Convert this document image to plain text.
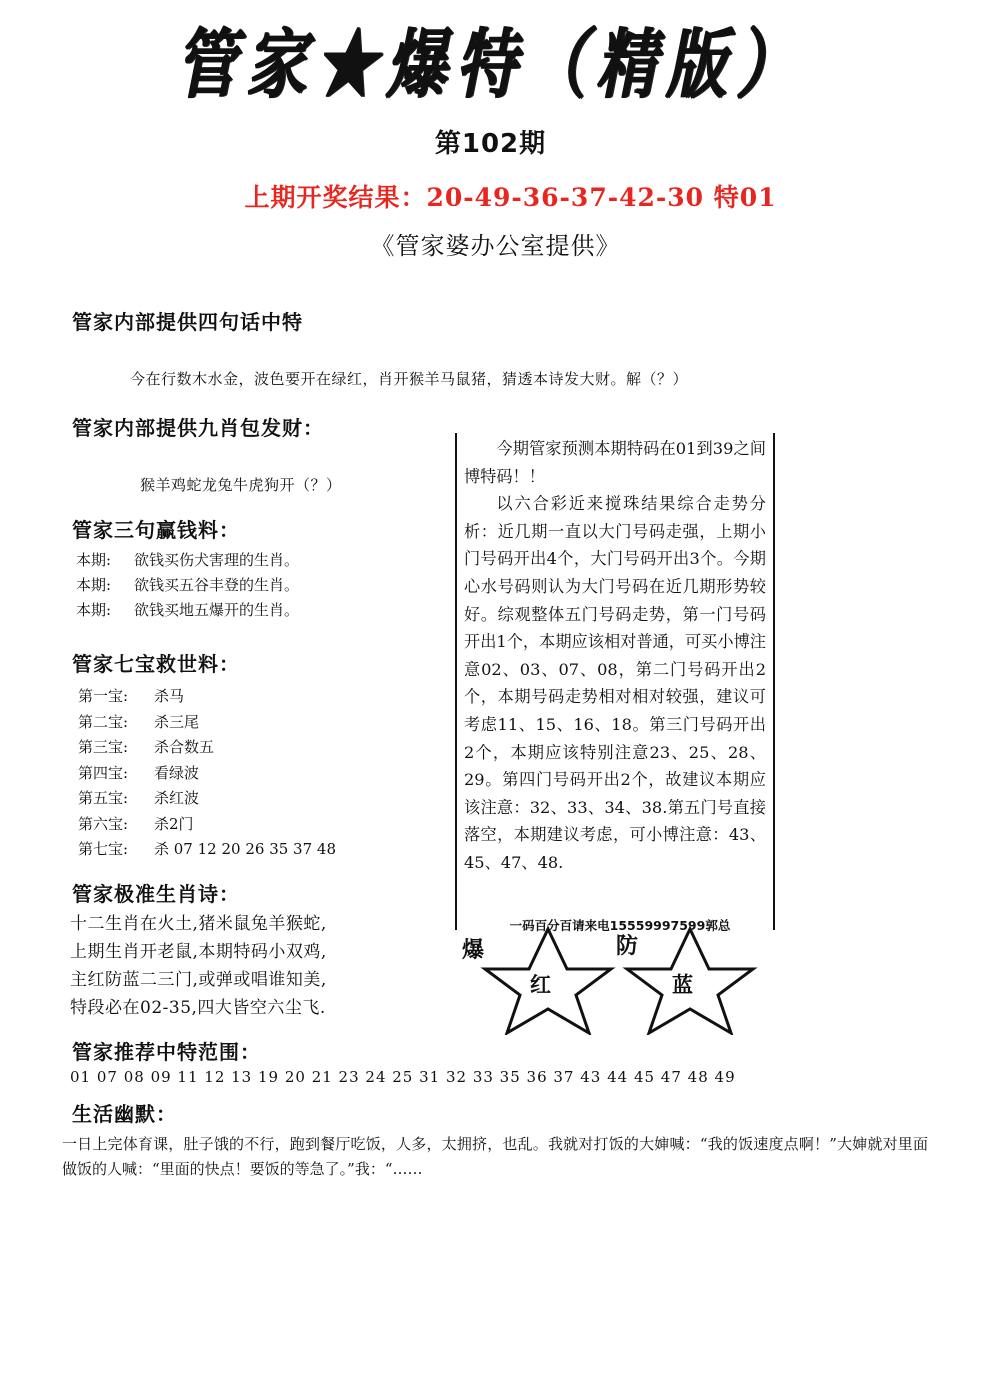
管家★爆特（精版）
第102期
上期开奖结果：20-49-36-37-42-30 特01
《管家婆办公室提供》
管家内部提供四句话中特
今在行数木水金，波色要开在绿红，肖开猴羊马鼠猪，猜透本诗发大财。解（？）
管家内部提供九肖包发财：
猴羊鸡蛇龙兔牛虎狗开（？）
管家三句赢钱料：
本期: 欲钱买伤犬害理的生肖。
本期: 欲钱买五谷丰登的生肖。
本期: 欲钱买地五爆开的生肖。
管家七宝救世料：
第一宝: 杀马
第二宝: 杀三尾
第三宝: 杀合数五
第四宝: 看绿波
第五宝: 杀红波
第六宝: 杀2门
第七宝: 杀 07 12 20 26 35 37 48
管家极准生肖诗：
十二生肖在火土,猪米鼠兔羊猴蛇,
上期生肖开老鼠,本期特码小双鸡,
主红防蓝二三门,或弹或唱谁知美,
特段必在02-35,四大皆空六尘飞.
管家推荐中特范围：
01 07 08 09 11 12 13 19 20 21 23 24 25 31 32 33 35 36 37 43 44 45 47 48 49
生活幽默：
一日上完体育课，肚子饿的不行，跑到餐厅吃饭，人多，太拥挤，也乱。我就对打饭的大婶喊：“我的饭速度点啊！”大婶就对里面做饭的人喊：“里面的快点！要饭的等急了。”我：“……

今期管家预测本期特码在01到39之间博特码！！

以六合彩近来搅珠结果综合走势分析：近几期一直以大门号码走强，上期小门号码开出4个，大门号码开出3个。今期心水号码则认为大门号码在近几期形势较好。综观整体五门号码走势，第一门号码开出1个，本期应该相对普通，可买小博注意02、03、07、08，第二门号码开出2个，本期号码走势相对相对较强，建议可考虑11、15、16、18。第三门号码开出2个，本期应该特别注意23、25、28、29。第四门号码开出2个，故建议本期应该注意：32、33、34、38.第五门号直接落空，本期建议考虑，可小博注意：43、45、47、48.

一码百分百请来电15559997599郭总
爆	防
红	蓝
